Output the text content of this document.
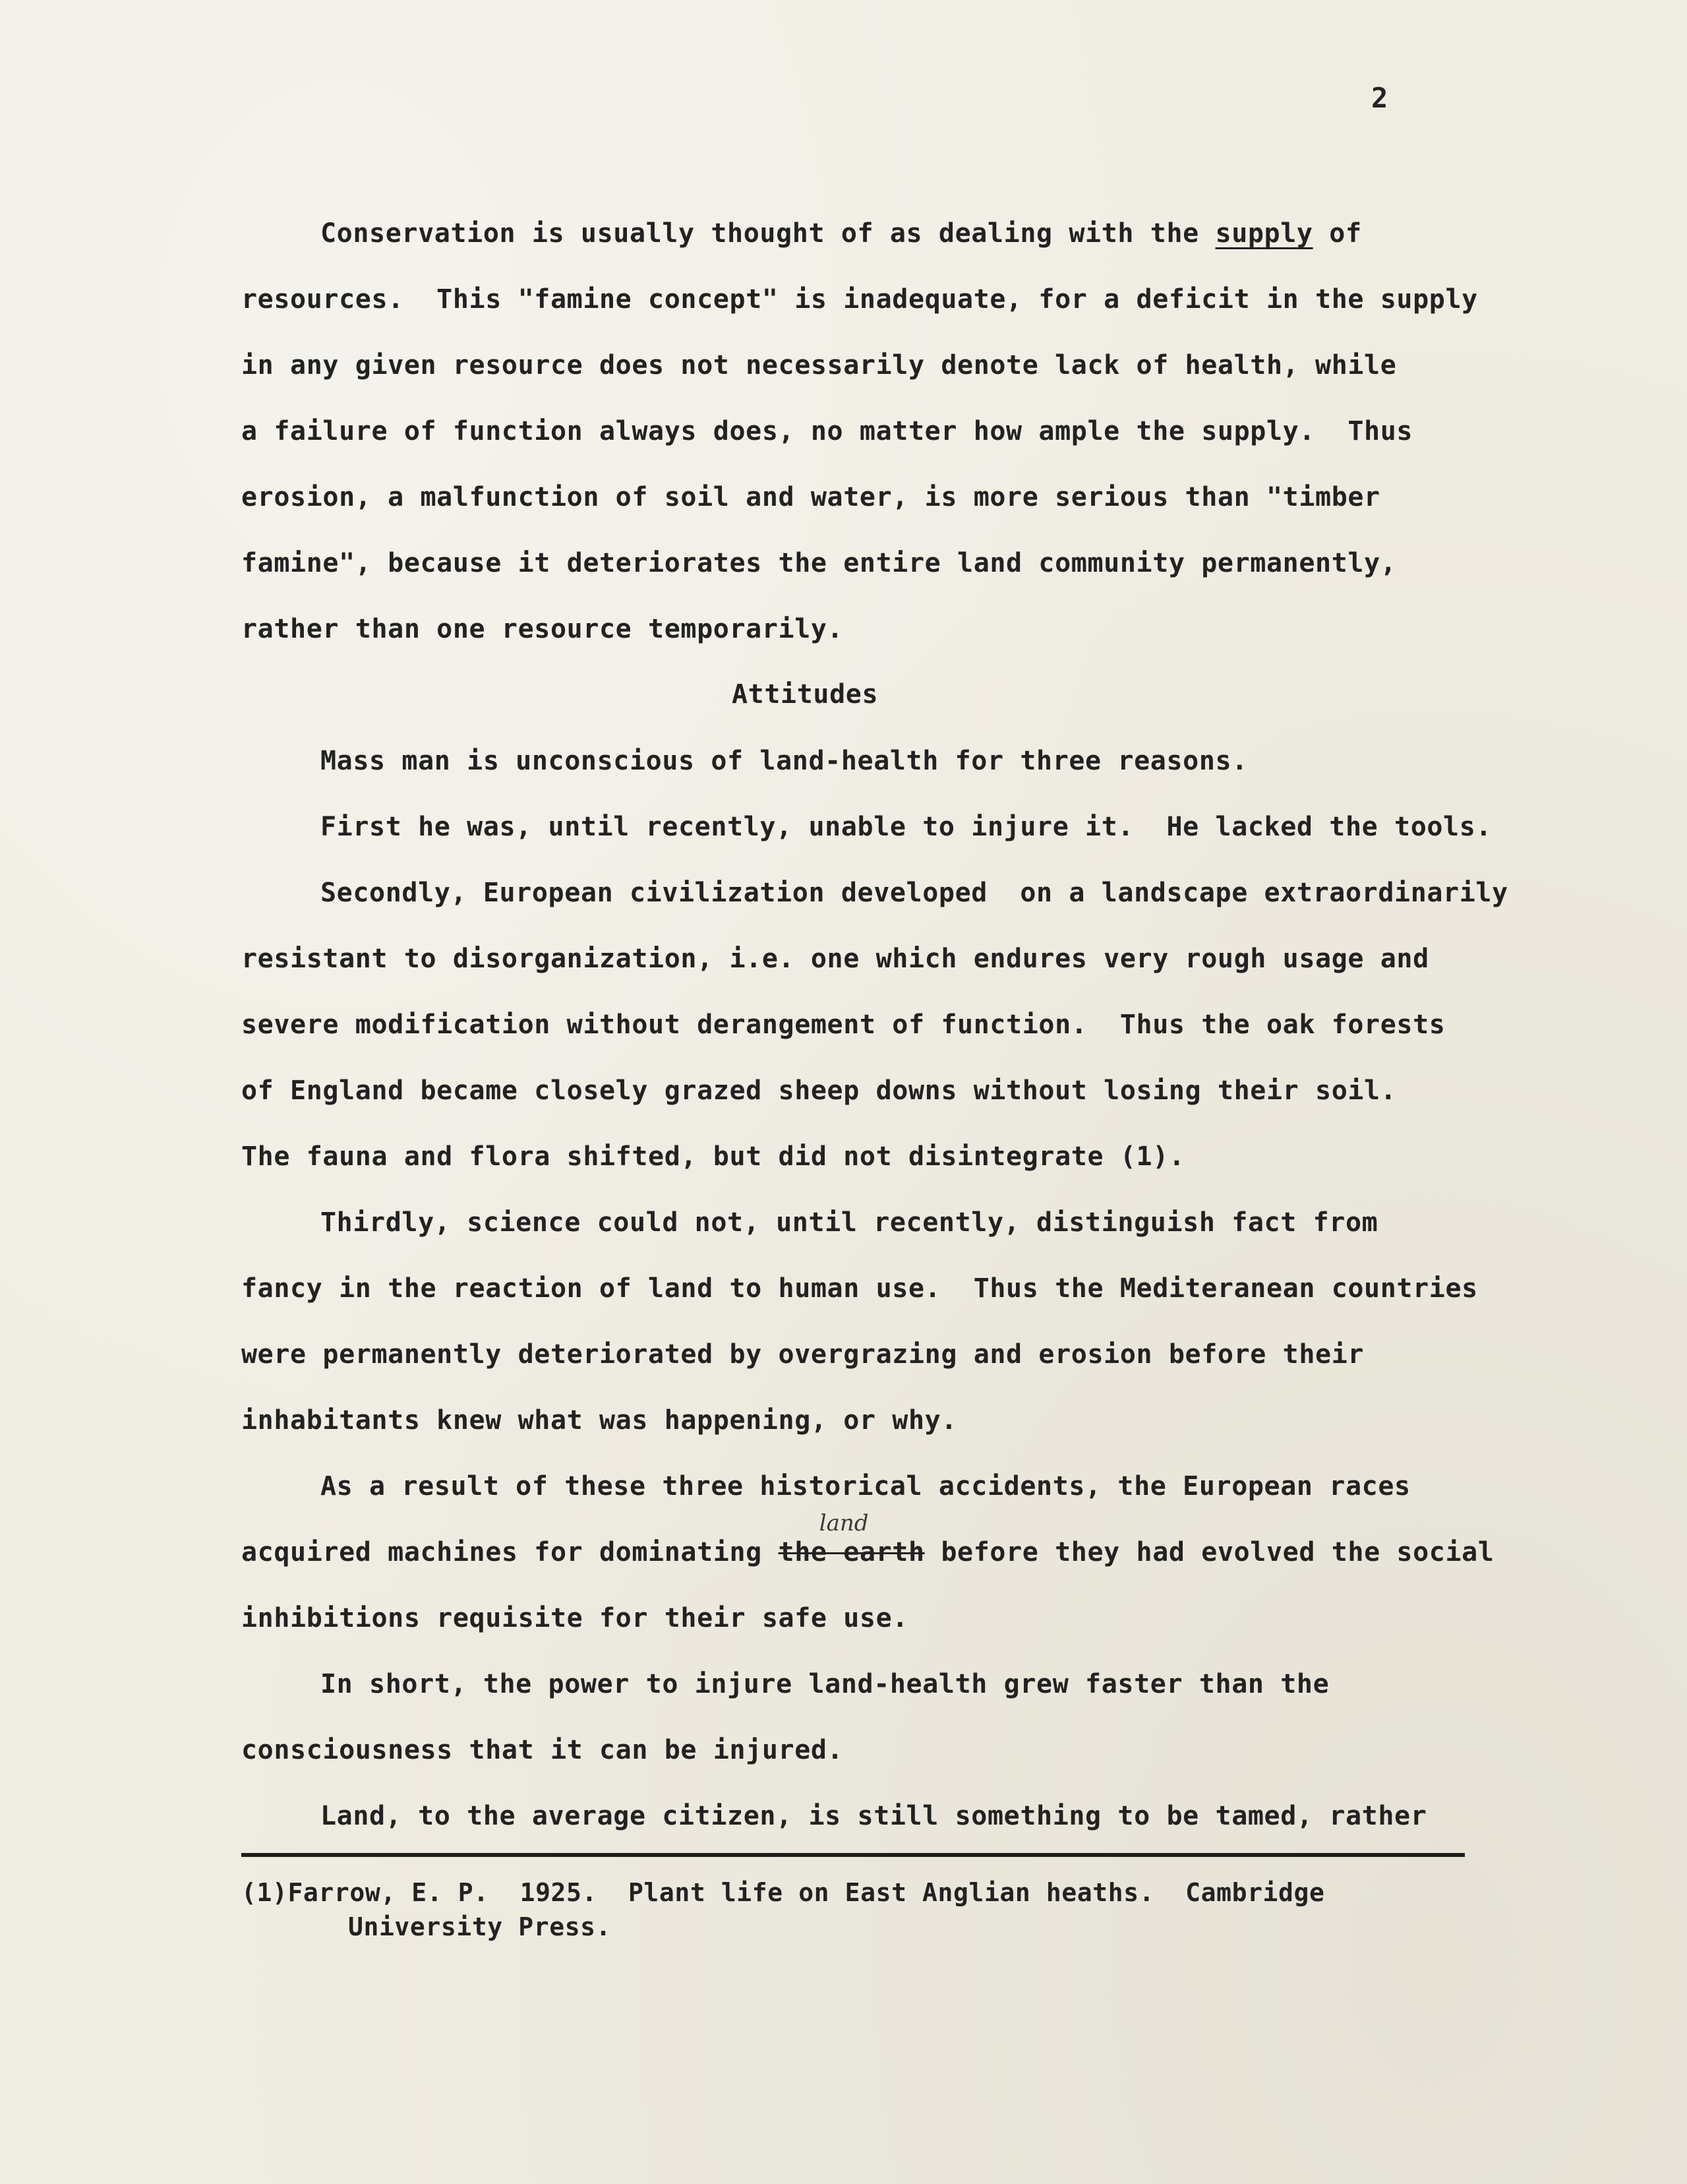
2
Conservation is usually thought of as dealing with the supply of
resources.  This "famine concept" is inadequate, for a deficit in the supply
in any given resource does not necessarily denote lack of health, while
a failure of function always does, no matter how ample the supply.  Thus
erosion, a malfunction of soil and water, is more serious than "timber
famine", because it deteriorates the entire land community permanently,
rather than one resource temporarily.
Attitudes
Mass man is unconscious of land-health for three reasons.
First he was, until recently, unable to injure it.  He lacked the tools.
Secondly, European civilization developed  on a landscape extraordinarily
resistant to disorganization, i.e. one which endures very rough usage and
severe modification without derangement of function.  Thus the oak forests
of England became closely grazed sheep downs without losing their soil.
The fauna and flora shifted, but did not disintegrate (1).
Thirdly, science could not, until recently, distinguish fact from
fancy in the reaction of land to human use.  Thus the Mediteranean countries
were permanently deteriorated by overgrazing and erosion before their
inhabitants knew what was happening, or why.
As a result of these three historical accidents, the European races
acquired machines for dominating the earth
land
before they had evolved the social
inhibitions requisite for their safe use.
In short, the power to injure land-health grew faster than the
consciousness that it can be injured.
Land, to the average citizen, is still something to be tamed, rather
(1)Farrow, E. P.  1925.  Plant life on East Anglian heaths.  Cambridge
University Press.
